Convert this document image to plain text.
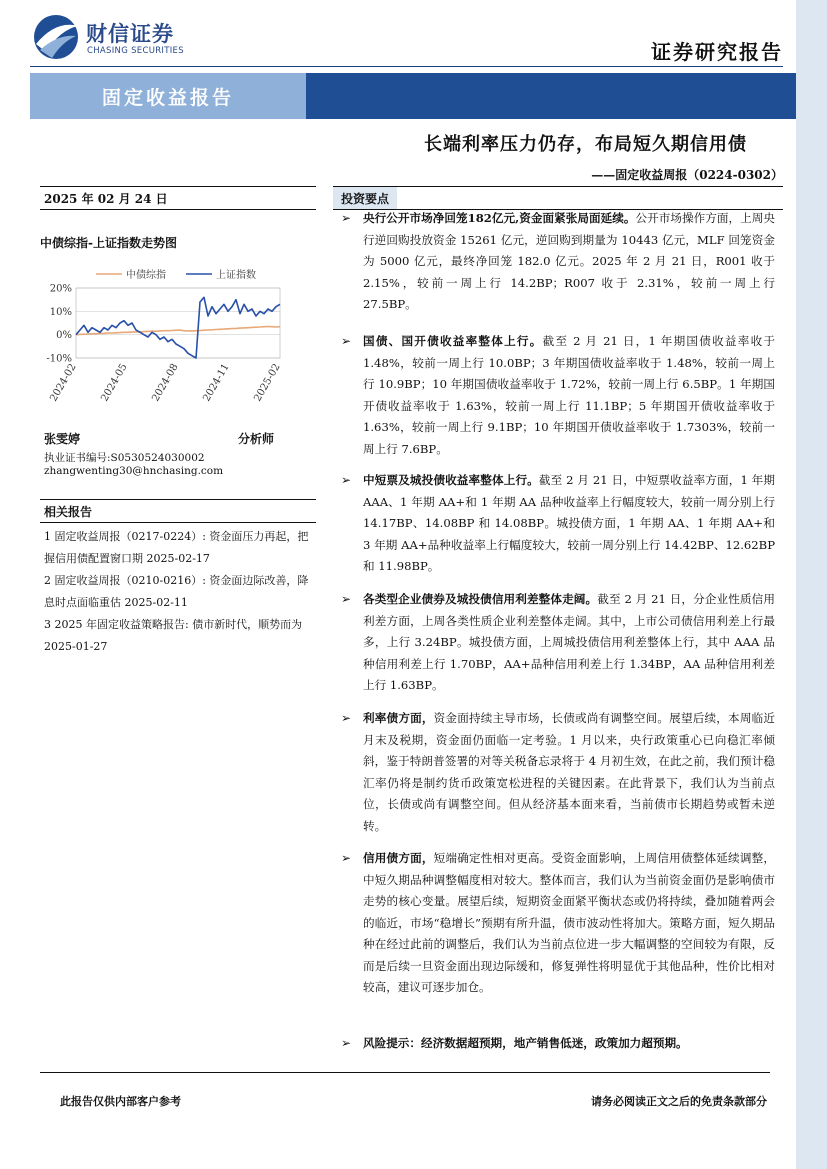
财信证券
CHASING SECURITIES	证券研究报告
固定收益报告
长端利率压力仍存，布局短久期信用债
——固定收益周报（0224-0302）
2025 年 02 月 24 日
中债综指-上证指数走势图
中债综指	上证指数
20%
10%
0%
-10%
2024-02 2024-05 2024-08 2024-11 2025-02
张雯婷	分析师
执业证书编号:S0530524030002
zhangwenting30@hnchasing.com
相关报告
1 固定收益周报（0217-0224）: 资金面压力再起，把握信用债配置窗口期 2025-02-17
2 固定收益周报（0210-0216）: 资金面边际改善，降息时点面临重估 2025-02-11
3 2025 年固定收益策略报告: 债市新时代，顺势而为 2025-01-27
投资要点
➢	央行公开市场净回笼182亿元,资金面紧张局面延续。公开市场操作方面，上周央行逆回购投放资金 15261 亿元，逆回购到期量为 10443 亿元，MLF 回笼资金为 5000 亿元，最终净回笼 182.0 亿元。2025 年 2 月 21 日，R001 收于 2.15%，较前一周上行 14.2BP；R007 收于 2.31%，较前一周上行 27.5BP。
➢	国债、国开债收益率整体上行。截至 2 月 21 日，1 年期国债收益率收于 1.48%，较前一周上行 10.0BP；3 年期国债收益率收于 1.48%，较前一周上行 10.9BP；10 年期国债收益率收于 1.72%，较前一周上行 6.5BP。1 年期国开债收益率收于 1.63%，较前一周上行 11.1BP；5 年期国开债收益率收于 1.63%，较前一周上行 9.1BP；10 年期国开债收益率收于 1.7303%，较前一周上行 7.6BP。
➢	中短票及城投债收益率整体上行。截至 2 月 21 日，中短票收益率方面，1 年期 AAA、1 年期 AA+和 1 年期 AA 品种收益率上行幅度较大，较前一周分别上行 14.17BP、14.08BP 和 14.08BP。城投债方面，1 年期 AA、1 年期 AA+和 3 年期 AA+品种收益率上行幅度较大，较前一周分别上行 14.42BP、12.62BP 和 11.98BP。
➢	各类型企业债券及城投债信用利差整体走阔。截至 2 月 21 日，分企业性质信用利差方面，上周各类性质企业利差整体走阔。其中，上市公司债信用利差上行最多，上行 3.24BP。城投债方面，上周城投债信用利差整体上行，其中 AAA 品种信用利差上行 1.70BP，AA+品种信用利差上行 1.34BP，AA 品种信用利差上行 1.63BP。
➢	利率债方面，资金面持续主导市场，长债或尚有调整空间。展望后续，本周临近月末及税期，资金面仍面临一定考验。1 月以来，央行政策重心已向稳汇率倾斜，鉴于特朗普签署的对等关税备忘录将于 4 月初生效，在此之前，我们预计稳汇率仍将是制约货币政策宽松进程的关键因素。在此背景下，我们认为当前点位，长债或尚有调整空间。但从经济基本面来看，当前债市长期趋势或暂未逆转。
➢	信用债方面，短端确定性相对更高。受资金面影响，上周信用债整体延续调整，中短久期品种调整幅度相对较大。整体而言，我们认为当前资金面仍是影响债市走势的核心变量。展望后续，短期资金面紧平衡状态或仍将持续，叠加随着两会的临近，市场“稳增长”预期有所升温，债市波动性将加大。策略方面，短久期品种在经过此前的调整后，我们认为当前点位进一步大幅调整的空间较为有限，反而是后续一旦资金面出现边际缓和，修复弹性将明显优于其他品种，性价比相对较高，建议可逐步加仓。
➢	风险提示：经济数据超预期，地产销售低迷，政策加力超预期。
此报告仅供内部客户参考	请务必阅读正文之后的免责条款部分
